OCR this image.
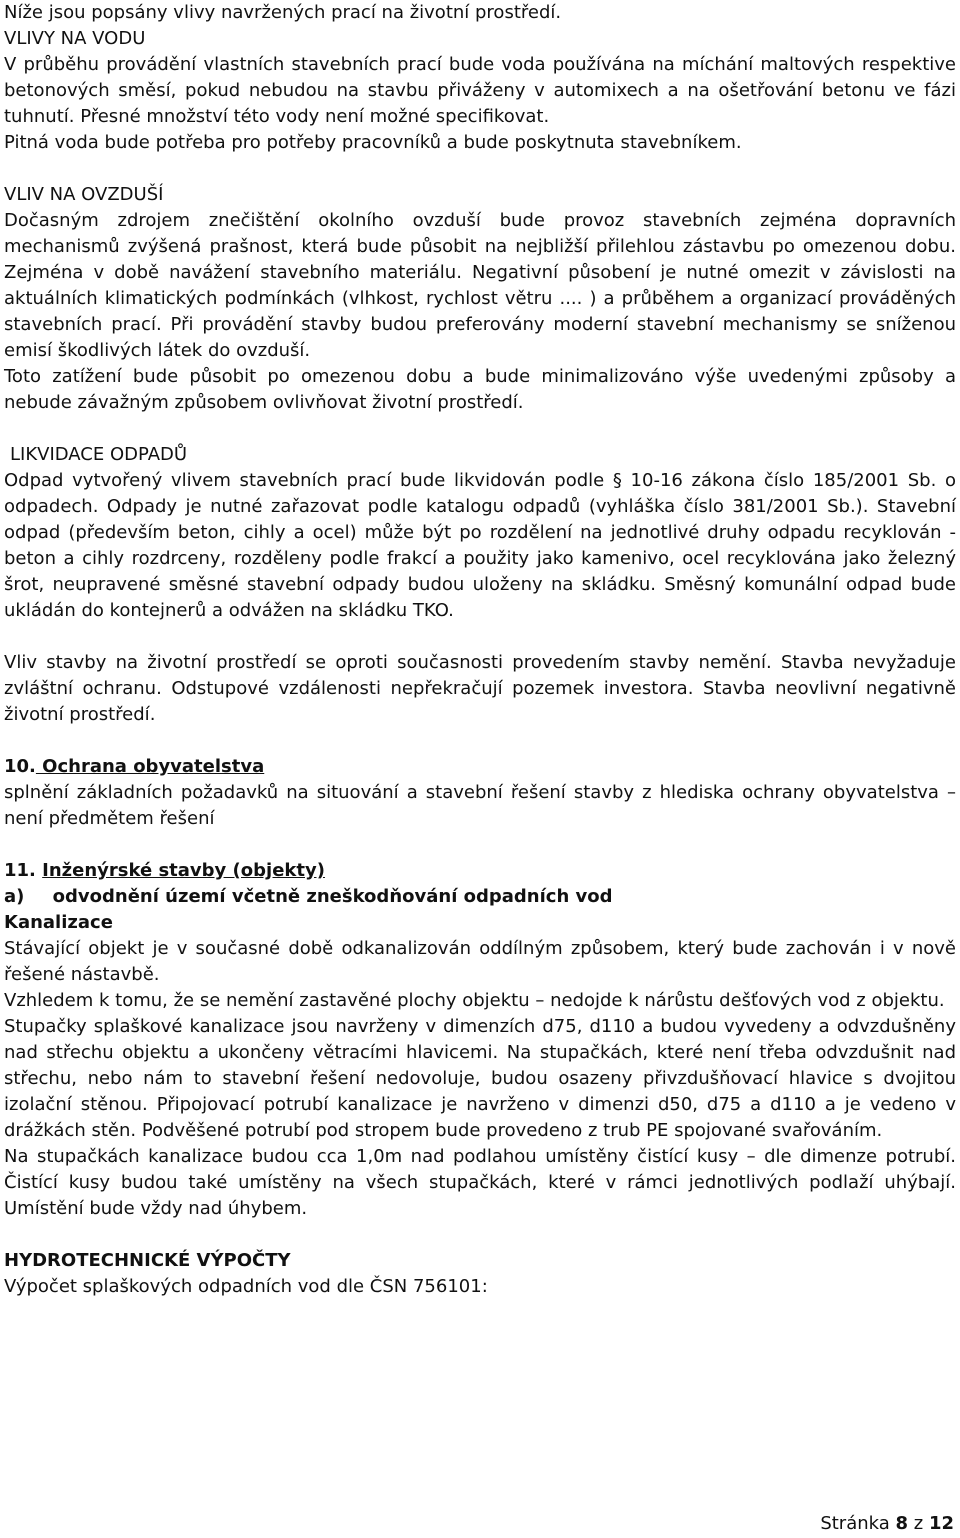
Níže jsou popsány vlivy navržených prací na životní prostředí.

VLIVY NA VODU

V průběhu provádění vlastních stavebních prací bude voda používána na míchání maltových respektive betonových směsí, pokud nebudou na stavbu přiváženy v automixech a na ošetřování betonu ve fázi tuhnutí. Přesné množství této vody není možné specifikovat.

Pitná voda bude potřeba pro potřeby pracovníků a bude poskytnuta stavebníkem.

VLIV NA OVZDUŠÍ

Dočasným zdrojem znečištění okolního ovzduší bude provoz stavebních zejména dopravních mechanismů zvýšená prašnost, která bude působit na nejbližší přilehlou zástavbu po omezenou dobu. Zejména v době navážení stavebního materiálu. Negativní působení je nutné omezit v závislosti na aktuálních klimatických podmínkách (vlhkost, rychlost větru .... ) a průběhem a organizací prováděných stavebních prací. Při provádění stavby budou preferovány moderní stavební mechanismy se sníženou emisí škodlivých látek do ovzduší.

Toto zatížení bude působit po omezenou dobu a bude minimalizováno výše uvedenými způsoby a nebude závažným způsobem ovlivňovat životní prostředí.

LIKVIDACE ODPADŮ

Odpad vytvořený vlivem stavebních prací bude likvidován podle § 10-16 zákona číslo 185/2001 Sb. o odpadech. Odpady je nutné zařazovat podle katalogu odpadů (vyhláška číslo 381/2001 Sb.). Stavební odpad (především beton, cihly a ocel) může být po rozdělení na jednotlivé druhy odpadu recyklován - beton a cihly rozdrceny, rozděleny podle frakcí a použity jako kamenivo, ocel recyklována jako železný šrot, neupravené směsné stavební odpady budou uloženy na skládku. Směsný komunální odpad bude ukládán do kontejnerů a odvážen na skládku TKO.

Vliv stavby na životní prostředí se oproti současnosti provedením stavby nemění. Stavba nevyžaduje zvláštní ochranu. Odstupové vzdálenosti nepřekračují pozemek investora. Stavba neovlivní negativně životní prostředí.

10. Ochrana obyvatelstva

splnění základních požadavků na situování a stavební řešení stavby z hlediska ochrany obyvatelstva – není předmětem řešení

11. Inženýrské stavby (objekty)
a) odvodnění území včetně zneškodňování odpadních vod
Kanalizace

Stávající objekt je v současné době odkanalizován oddílným způsobem, který bude zachován i v nově řešené nástavbě.

Vzhledem k tomu, že se nemění zastavěné plochy objektu – nedojde k nárůstu dešťových vod z objektu.

Stupačky splaškové kanalizace jsou navrženy v dimenzích d75, d110 a budou vyvedeny a odvzdušněny nad střechu objektu a ukončeny větracími hlavicemi. Na stupačkách, které není třeba odvzdušnit nad střechu, nebo nám to stavební řešení nedovoluje, budou osazeny přivzdušňovací hlavice s dvojitou izolační stěnou. Připojovací potrubí kanalizace je navrženo v dimenzi d50, d75 a d110 a je vedeno v drážkách stěn. Podvěšené potrubí pod stropem bude provedeno z trub PE spojované svařováním.

Na stupačkách kanalizace budou cca 1,0m nad podlahou umístěny čistící kusy – dle dimenze potrubí. Čistící kusy budou také umístěny na všech stupačkách, které v rámci jednotlivých podlaží uhýbají. Umístění bude vždy nad úhybem.

HYDROTECHNICKÉ VÝPOČTY

Výpočet splaškových odpadních vod dle ČSN 756101:

Stránka 8 z 12
